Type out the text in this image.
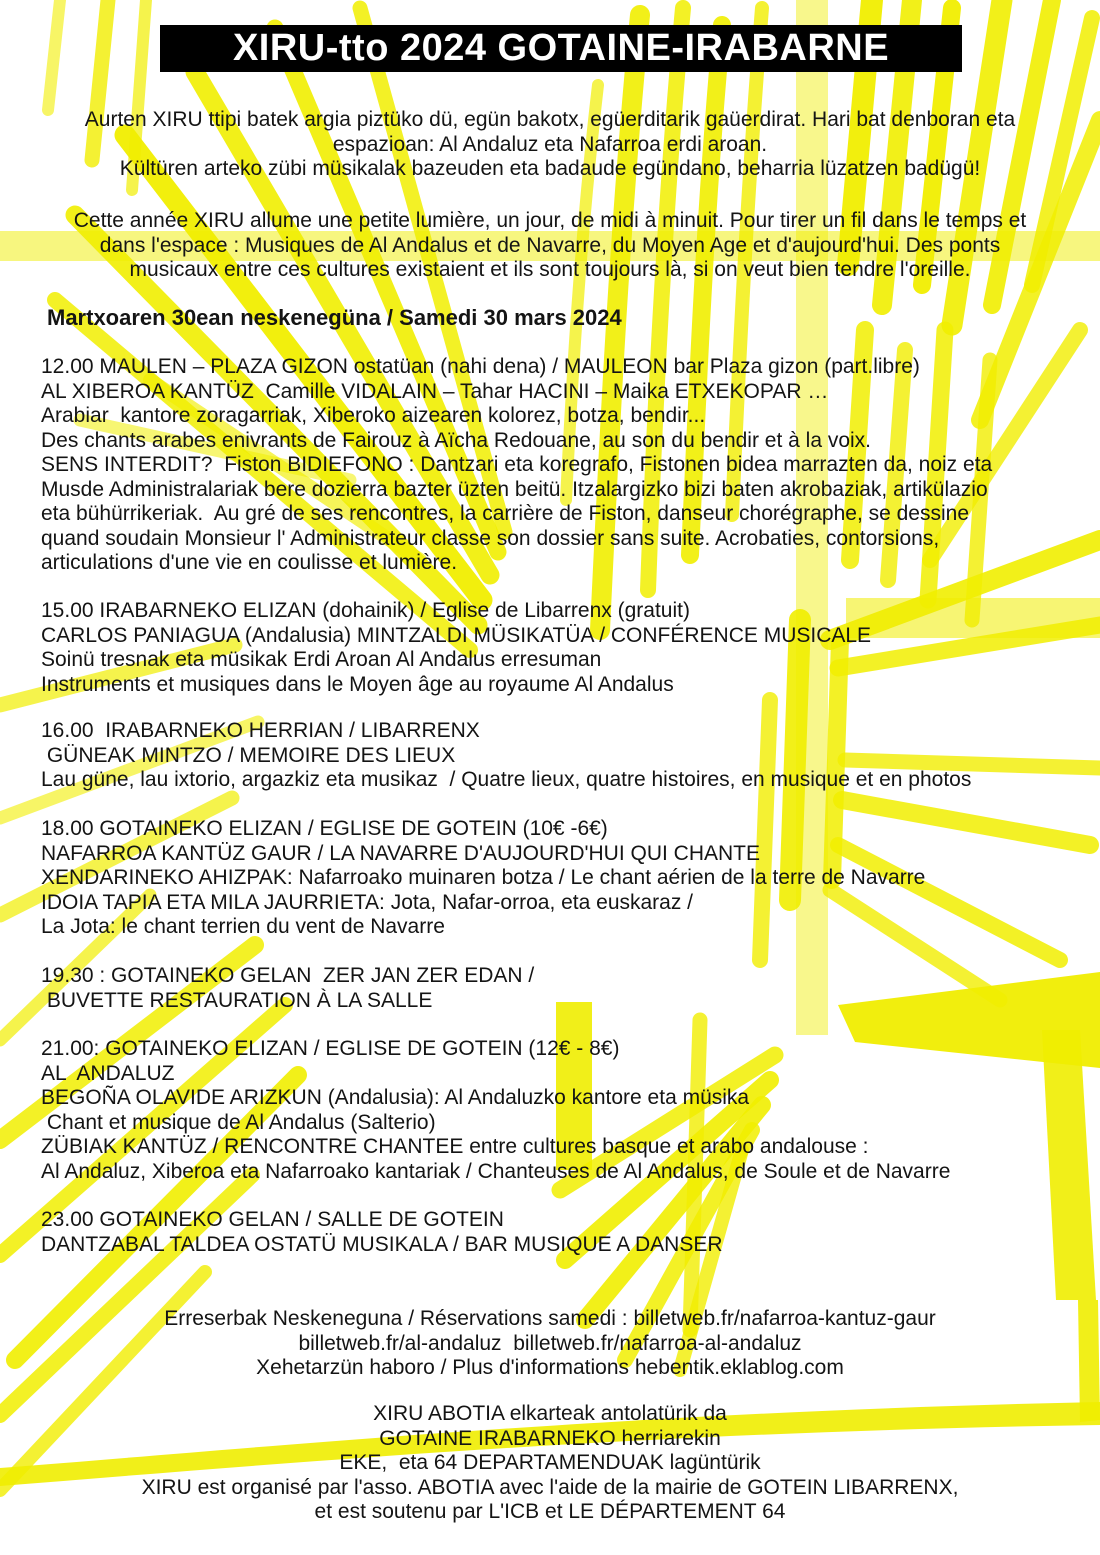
XIRU-tto 2024 GOTAINE-IRABARNE
Aurten XIRU ttipi batek argia piztüko dü, egün bakotx, egüerditarik gaüerdirat. Hari bat denboran eta
espazioan: Al Andaluz eta Nafarroa erdi aroan.
Kültüren arteko zübi müsikalak bazeuden eta badaude egündano, beharria lüzatzen badügü!
Cette année XIRU allume une petite lumière, un jour, de midi à minuit. Pour tirer un fil dans le temps et
dans l'espace : Musiques de Al Andalus et de Navarre, du Moyen Age et d'aujourd'hui. Des ponts
musicaux entre ces cultures existaient et ils sont toujours là, si on veut bien tendre l'oreille.
Martxoaren 30ean neskenegüna / Samedi 30 mars 2024
12.00 MAULEN – PLAZA GIZON ostatüan (nahi dena) / MAULEON bar Plaza gizon (part.libre)
AL XIBEROA KANTÜZ  Camille VIDALAIN – Tahar HACINI – Maika ETXEKOPAR …
Arabiar  kantore zoragarriak, Xiberoko aizearen kolorez, botza, bendir...
Des chants arabes enivrants de Fairouz à Aïcha Redouane, au son du bendir et à la voix.
SENS INTERDIT?  Fiston BIDIEFONO : Dantzari eta koregrafo, Fistonen bidea marrazten da, noiz eta
Musde Administralariak bere dozierra bazter üzten beitü. Itzalargizko bizi baten akrobaziak, artikülazio
eta bühürrikeriak.  Au gré de ses rencontres, la carrière de Fiston, danseur chorégraphe, se dessine
quand soudain Monsieur l' Administrateur classe son dossier sans suite. Acrobaties, contorsions,
articulations d'une vie en coulisse et lumière.
15.00 IRABARNEKO ELIZAN (dohainik) / Eglise de Libarrenx (gratuit)
CARLOS PANIAGUA (Andalusia) MINTZALDI MÜSIKATÜA / CONFÉRENCE MUSICALE
Soinü tresnak eta müsikak Erdi Aroan Al Andalus erresuman
Instruments et musiques dans le Moyen âge au royaume Al Andalus
16.00  IRABARNEKO HERRIAN / LIBARRENX
GÜNEAK MINTZO / MEMOIRE DES LIEUX
Lau güne, lau ixtorio, argazkiz eta musikaz  / Quatre lieux, quatre histoires, en musique et en photos
18.00 GOTAINEKO ELIZAN / EGLISE DE GOTEIN (10€ -6€)
NAFARROA KANTÜZ GAUR / LA NAVARRE D'AUJOURD'HUI QUI CHANTE
XENDARINEKO AHIZPAK: Nafarroako muinaren botza / Le chant aérien de la terre de Navarre
IDOIA TAPIA ETA MILA JAURRIETA: Jota, Nafar-orroa, eta euskaraz /
La Jota: le chant terrien du vent de Navarre
19.30 : GOTAINEKO GELAN  ZER JAN ZER EDAN /
BUVETTE RESTAURATION À LA SALLE
21.00: GOTAINEKO ELIZAN / EGLISE DE GOTEIN (12€ - 8€)
AL  ANDALUZ
BEGOÑA OLAVIDE ARIZKUN (Andalusia): Al Andaluzko kantore eta müsika
Chant et musique de Al Andalus (Salterio)
ZÜBIAK KANTÜZ / RENCONTRE CHANTEE entre cultures basque et arabo andalouse :
Al Andaluz, Xiberoa eta Nafarroako kantariak / Chanteuses de Al Andalus, de Soule et de Navarre
23.00 GOTAINEKO GELAN / SALLE DE GOTEIN
DANTZABAL TALDEA OSTATÜ MUSIKALA / BAR MUSIQUE A DANSER
Erreserbak Neskeneguna / Réservations samedi : billetweb.fr/nafarroa-kantuz-gaur
billetweb.fr/al-andaluz  billetweb.fr/nafarroa-al-andaluz
Xehetarzün haboro / Plus d'informations hebentik.eklablog.com
XIRU ABOTIA elkarteak antolatürik da
GOTAINE IRABARNEKO herriarekin
EKE,  eta 64 DEPARTAMENDUAK lagüntürik
XIRU est organisé par l'asso. ABOTIA avec l'aide de la mairie de GOTEIN LIBARRENX,
et est soutenu par L'ICB et LE DÉPARTEMENT 64
